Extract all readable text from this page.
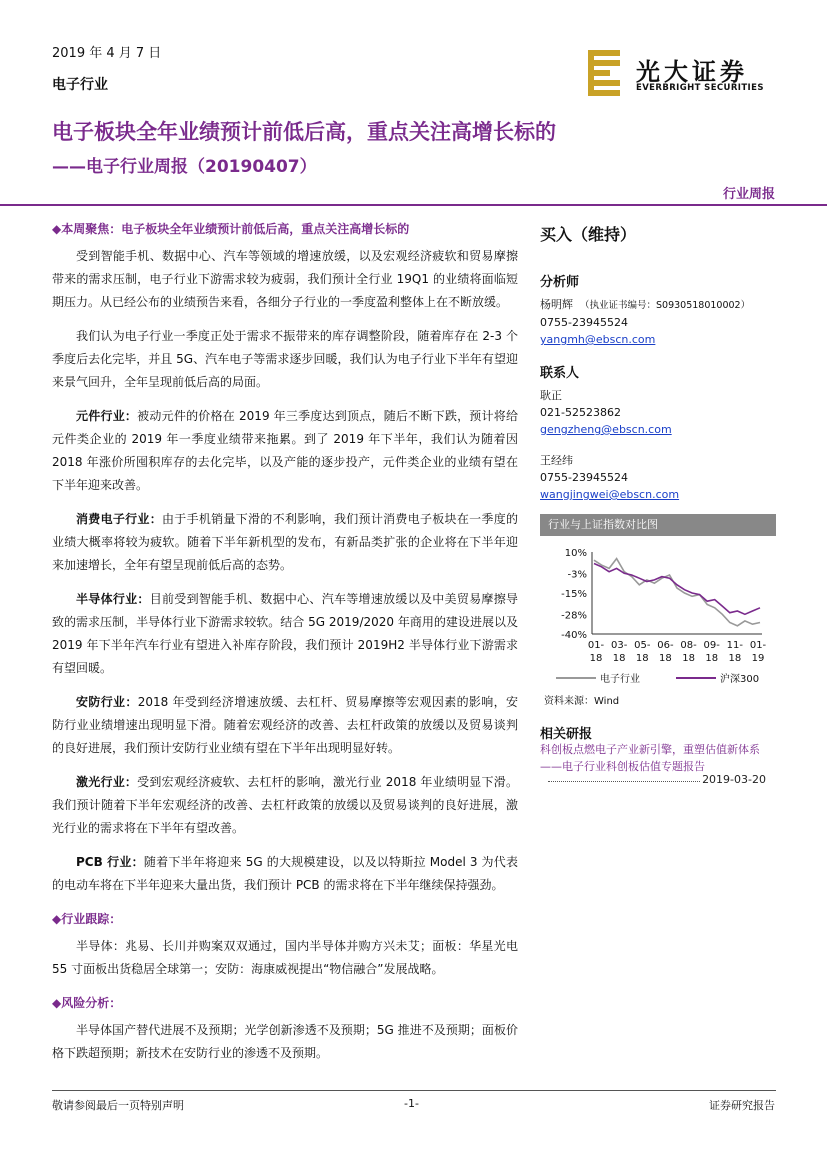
2019 年 4 月 7 日
电子行业	光大证券
EVERBRIGHT SECURITIES
电子板块全年业绩预计前低后高，重点关注高增长标的
——电子行业周报（20190407）
行业周报
◆本周聚焦：电子板块全年业绩预计前低后高，重点关注高增长标的

受到智能手机、数据中心、汽车等领域的增速放缓，以及宏观经济疲软和贸易摩擦带来的需求压制，电子行业下游需求较为疲弱，我们预计全行业 19Q1 的业绩将面临短期压力。从已经公布的业绩预告来看，各细分子行业的一季度盈利整体上在不断放缓。

我们认为电子行业一季度正处于需求不振带来的库存调整阶段，随着库存在 2-3 个季度后去化完毕，并且 5G、汽车电子等需求逐步回暖，我们认为电子行业下半年有望迎来景气回升，全年呈现前低后高的局面。

元件行业：被动元件的价格在 2019 年三季度达到顶点，随后不断下跌，预计将给元件类企业的 2019 年一季度业绩带来拖累。到了 2019 年下半年，我们认为随着因 2018 年涨价所囤积库存的去化完毕，以及产能的逐步投产，元件类企业的业绩有望在下半年迎来改善。

消费电子行业：由于手机销量下滑的不利影响，我们预计消费电子板块在一季度的业绩大概率将较为疲软。随着下半年新机型的发布，有新品类扩张的企业将在下半年迎来加速增长，全年有望呈现前低后高的态势。

半导体行业：目前受到智能手机、数据中心、汽车等增速放缓以及中美贸易摩擦导致的需求压制，半导体行业下游需求较软。结合 5G 2019/2020 年商用的建设进展以及 2019 年下半年汽车行业有望进入补库存阶段，我们预计 2019H2 半导体行业下游需求有望回暖。

安防行业：2018 年受到经济增速放缓、去杠杆、贸易摩擦等宏观因素的影响，安防行业业绩增速出现明显下滑。随着宏观经济的改善、去杠杆政策的放缓以及贸易谈判的良好进展，我们预计安防行业业绩有望在下半年出现明显好转。

激光行业：受到宏观经济疲软、去杠杆的影响，激光行业 2018 年业绩明显下滑。我们预计随着下半年宏观经济的改善、去杠杆政策的放缓以及贸易谈判的良好进展，激光行业的需求将在下半年有望改善。

PCB 行业：随着下半年将迎来 5G 的大规模建设，以及以特斯拉 Model 3 为代表的电动车将在下半年迎来大量出货，我们预计 PCB 的需求将在下半年继续保持强劲。

◆行业跟踪：

半导体：兆易、长川并购案双双通过，国内半导体并购方兴未艾；面板：华星光电 55 寸面板出货稳居全球第一；安防：海康威视提出“物信融合”发展战略。

◆风险分析：

半导体国产替代进展不及预期；光学创新渗透不及预期；5G 推进不及预期；面板价格下跌超预期；新技术在安防行业的渗透不及预期。

买入（维持）
分析师
杨明辉 （执业证书编号：S0930518010002）
0755-23945524
yangmh@ebscn.com
联系人
耿正
021-52523862
gengzheng@ebscn.com
王经纬
0755-23945524
wangjingwei@ebscn.com
行业与上证指数对比图
10%
-3%
-15%
-28%
-40%
01-
18
03-
18
05-
18
06-
18
08-
18
09-
18
11-
18
01-
19
电子行业	沪深300
资料来源：Wind
相关研报
科创板点燃电子产业新引擎，重塑估值新体系——电子行业科创板估值专题报告
2019-03-20
敬请参阅最后一页特别声明	-1-	证券研究报告
